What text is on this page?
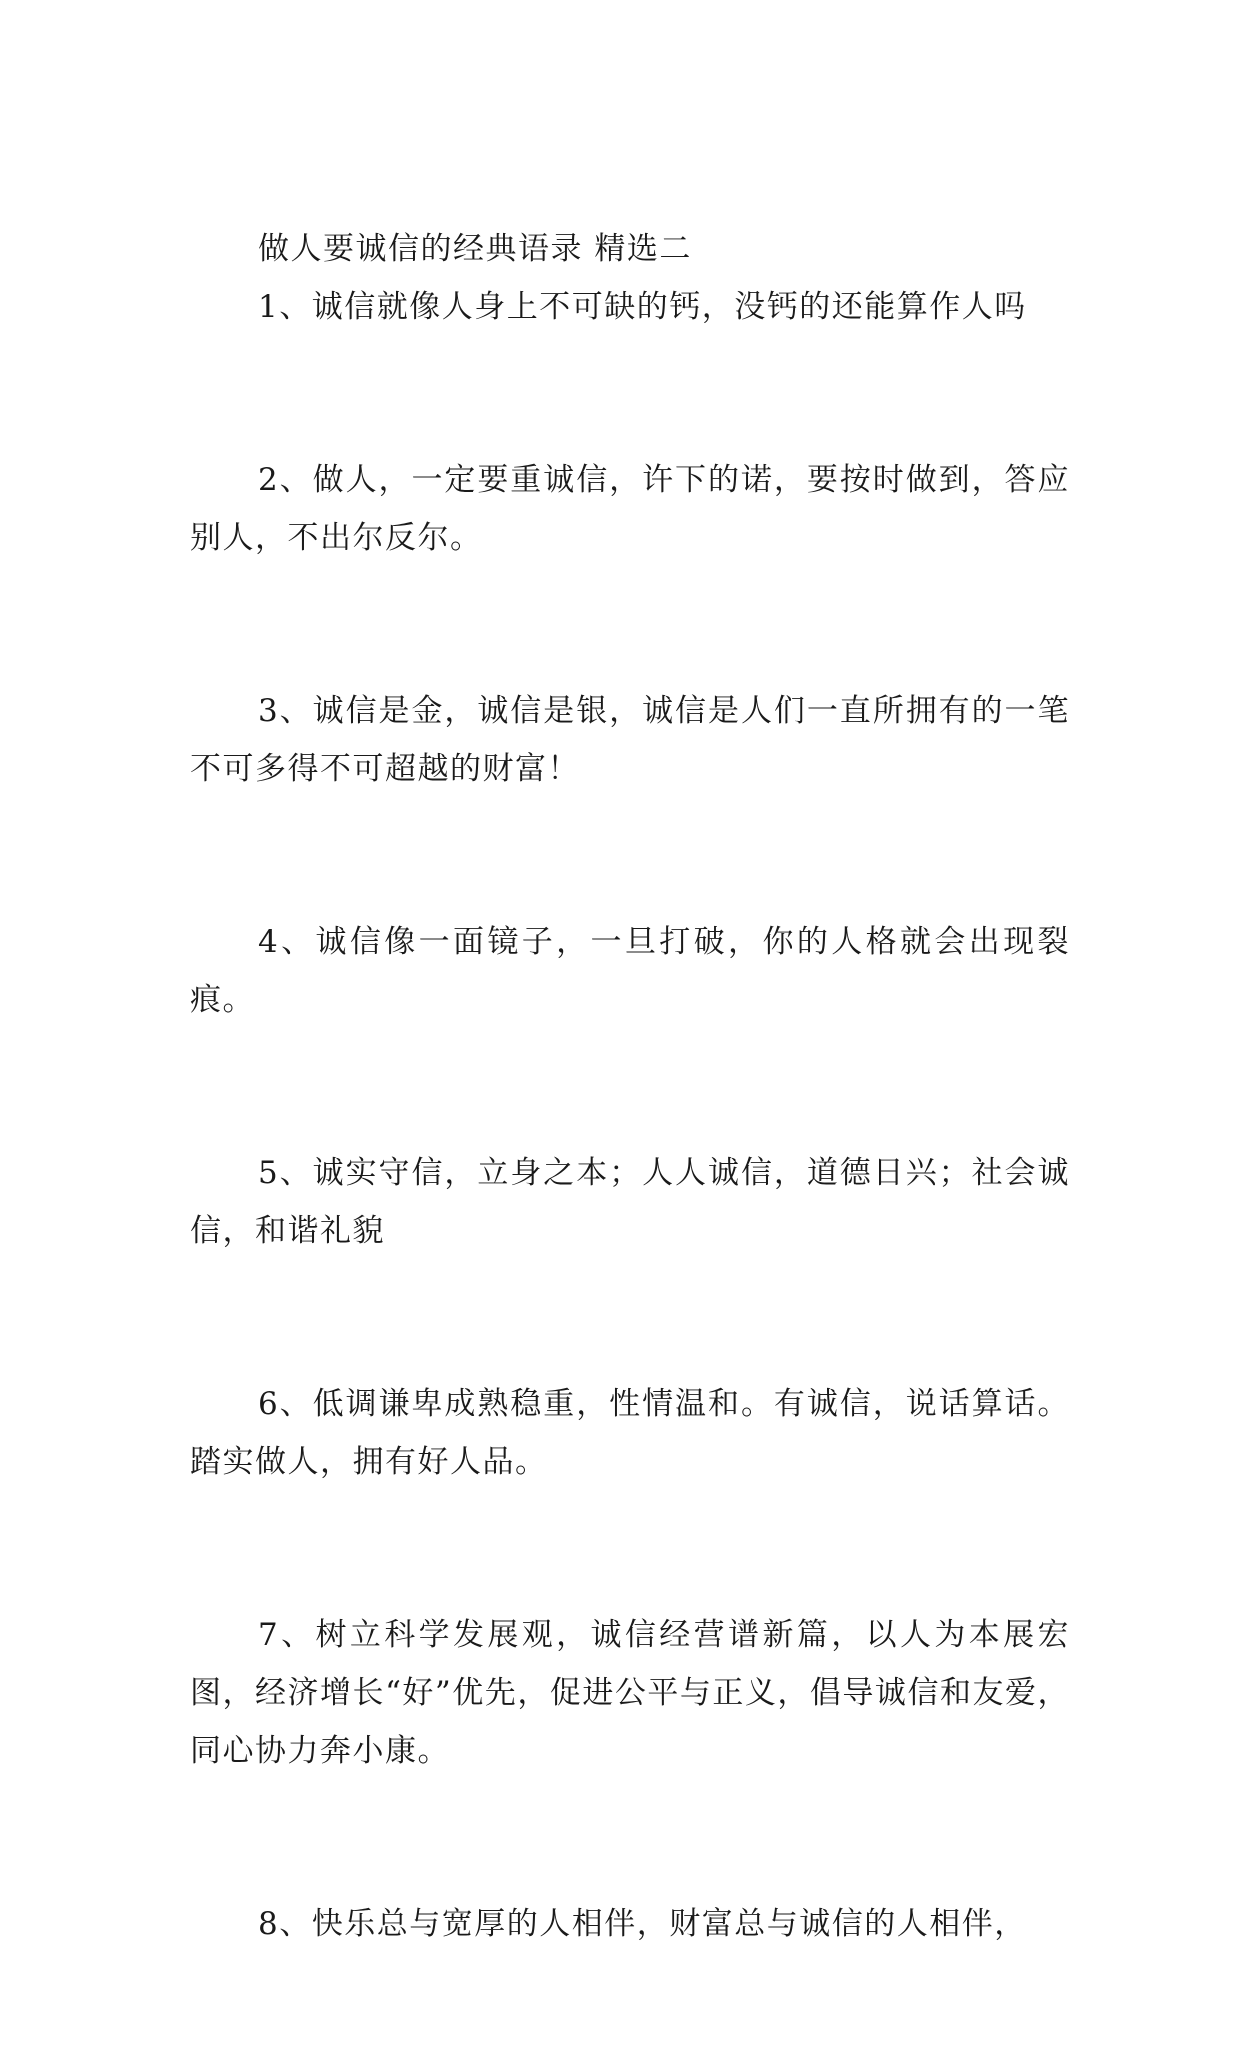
做人要诚信的经典语录 精选二

1、诚信就像人身上不可缺的钙，没钙的还能算作人吗

2、做人，一定要重诚信，许下的诺，要按时做到，答应别人，不出尔反尔。

3、诚信是金，诚信是银，诚信是人们一直所拥有的一笔不可多得不可超越的财富！

4、诚信像一面镜子，一旦打破，你的人格就会出现裂痕。

5、诚实守信，立身之本；人人诚信，道德日兴；社会诚信，和谐礼貌

6、低调谦卑成熟稳重，性情温和。有诚信，说话算话。踏实做人，拥有好人品。

7、树立科学发展观，诚信经营谱新篇，以人为本展宏图，经济增长“好”优先，促进公平与正义，倡导诚信和友爱，同心协力奔小康。

8、快乐总与宽厚的人相伴，财富总与诚信的人相伴，
